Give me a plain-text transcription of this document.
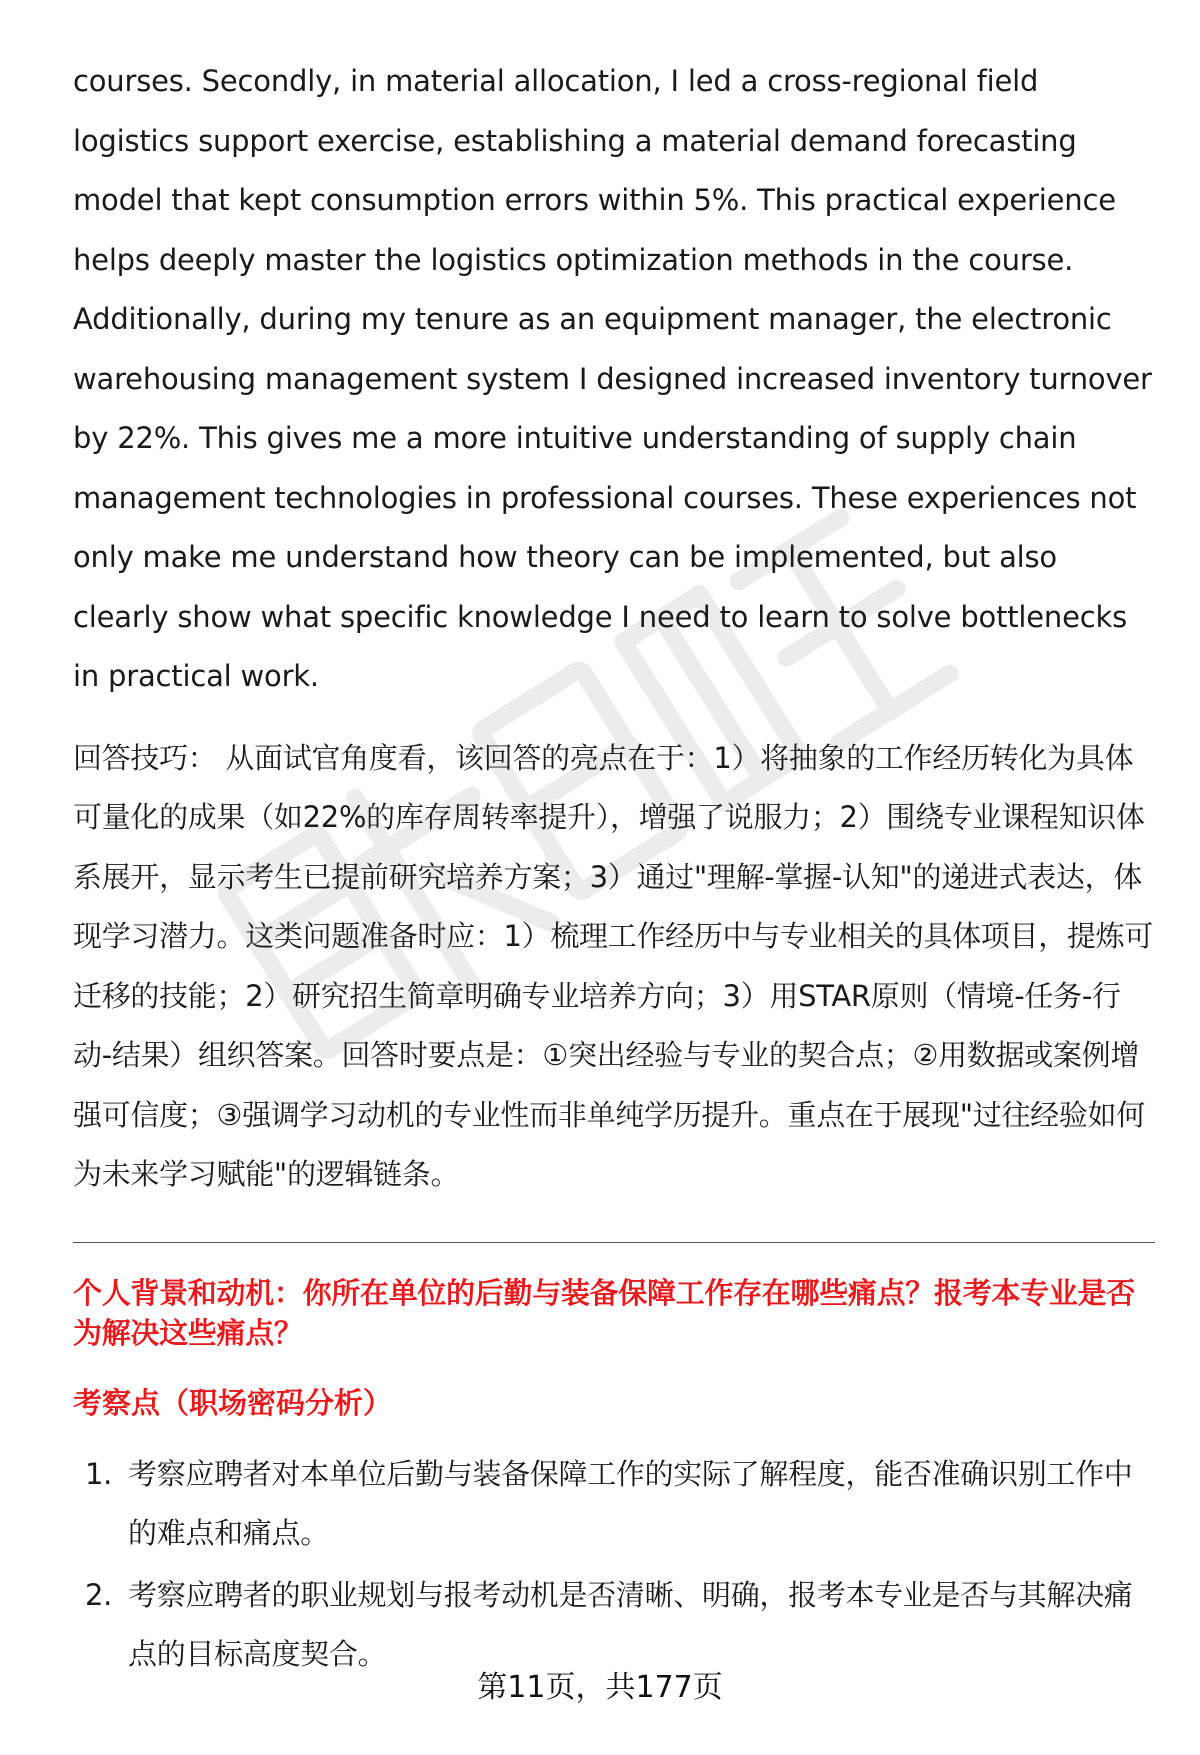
courses. Secondly, in material allocation, I led a cross-regional field logistics support exercise, establishing a material demand forecasting model that kept consumption errors within 5%. This practical experience helps deeply master the logistics optimization methods in the course. Additionally, during my tenure as an equipment manager, the electronic warehousing management system I designed increased inventory turnover by 22%. This gives me a more intuitive understanding of supply chain management technologies in professional courses. These experiences not only make me understand how theory can be implemented, but also clearly show what specific knowledge I need to learn to solve bottlenecks in practical work.

回答技巧： 从面试官角度看，该回答的亮点在于：1）将抽象的工作经历转化为具体可量化的成果（如22%的库存周转率提升），增强了说服力；2）围绕专业课程知识体系展开，显示考生已提前研究培养方案；3）通过"理解-掌握-认知"的递进式表达，体现学习潜力。这类问题准备时应：1）梳理工作经历中与专业相关的具体项目，提炼可迁移的技能；2）研究招生简章明确专业培养方向；3）用STAR原则（情境-任务-行动-结果）组织答案。回答时要点是：①突出经验与专业的契合点；②用数据或案例增强可信度；③强调学习动机的专业性而非单纯学历提升。重点在于展现"过往经验如何为未来学习赋能"的逻辑链条。

个人背景和动机：你所在单位的后勤与装备保障工作存在哪些痛点？报考本专业是否为解决这些痛点？
考察点（职场密码分析）
1. 考察应聘者对本单位后勤与装备保障工作的实际了解程度，能否准确识别工作中的难点和痛点。
2. 考察应聘者的职业规划与报考动机是否清晰、明确，报考本专业是否与其解决痛点的目标高度契合。
第11页，共177页
